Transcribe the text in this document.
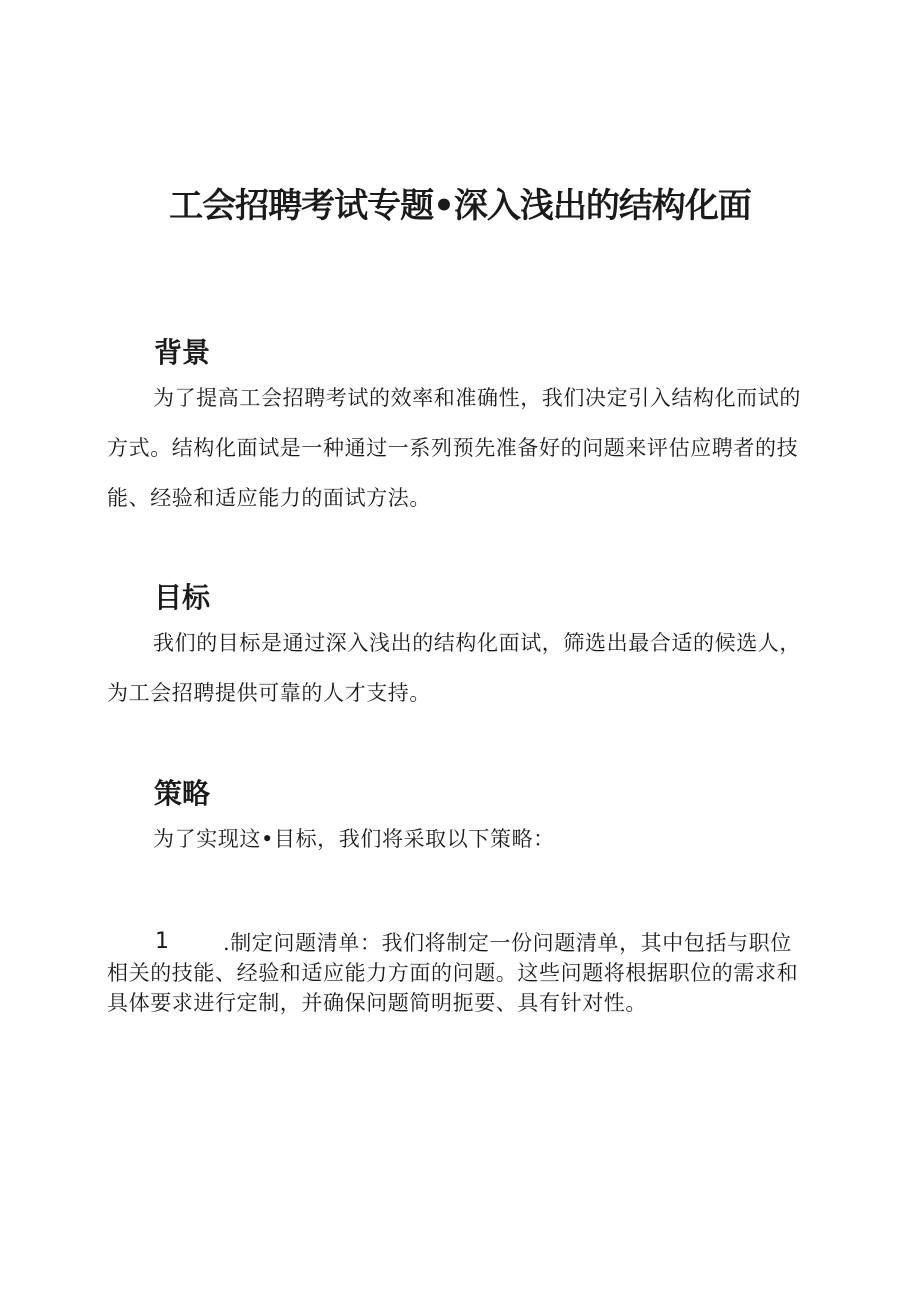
工会招聘考试专题•深入浅出的结构化面
背景

为了提高工会招聘考试的效率和准确性，我们决定引入结构化而试的方式。结构化面试是一种通过一系列预先准备好的问题来评估应聘者的技能、经验和适应能力的面试方法。

目标

我们的目标是通过深入浅出的结构化面试，筛选出最合适的候选人，为工会招聘提供可靠的人才支持。

策略

为了实现这•目标，我们将采取以下策略：

1	.制定问题清单：我们将制定一份问题清单，其中包括与职位相关的技能、经验和适应能力方面的问题。这些问题将根据职位的需求和具体要求进行定制，并确保问题简明扼要、具有针对性。
